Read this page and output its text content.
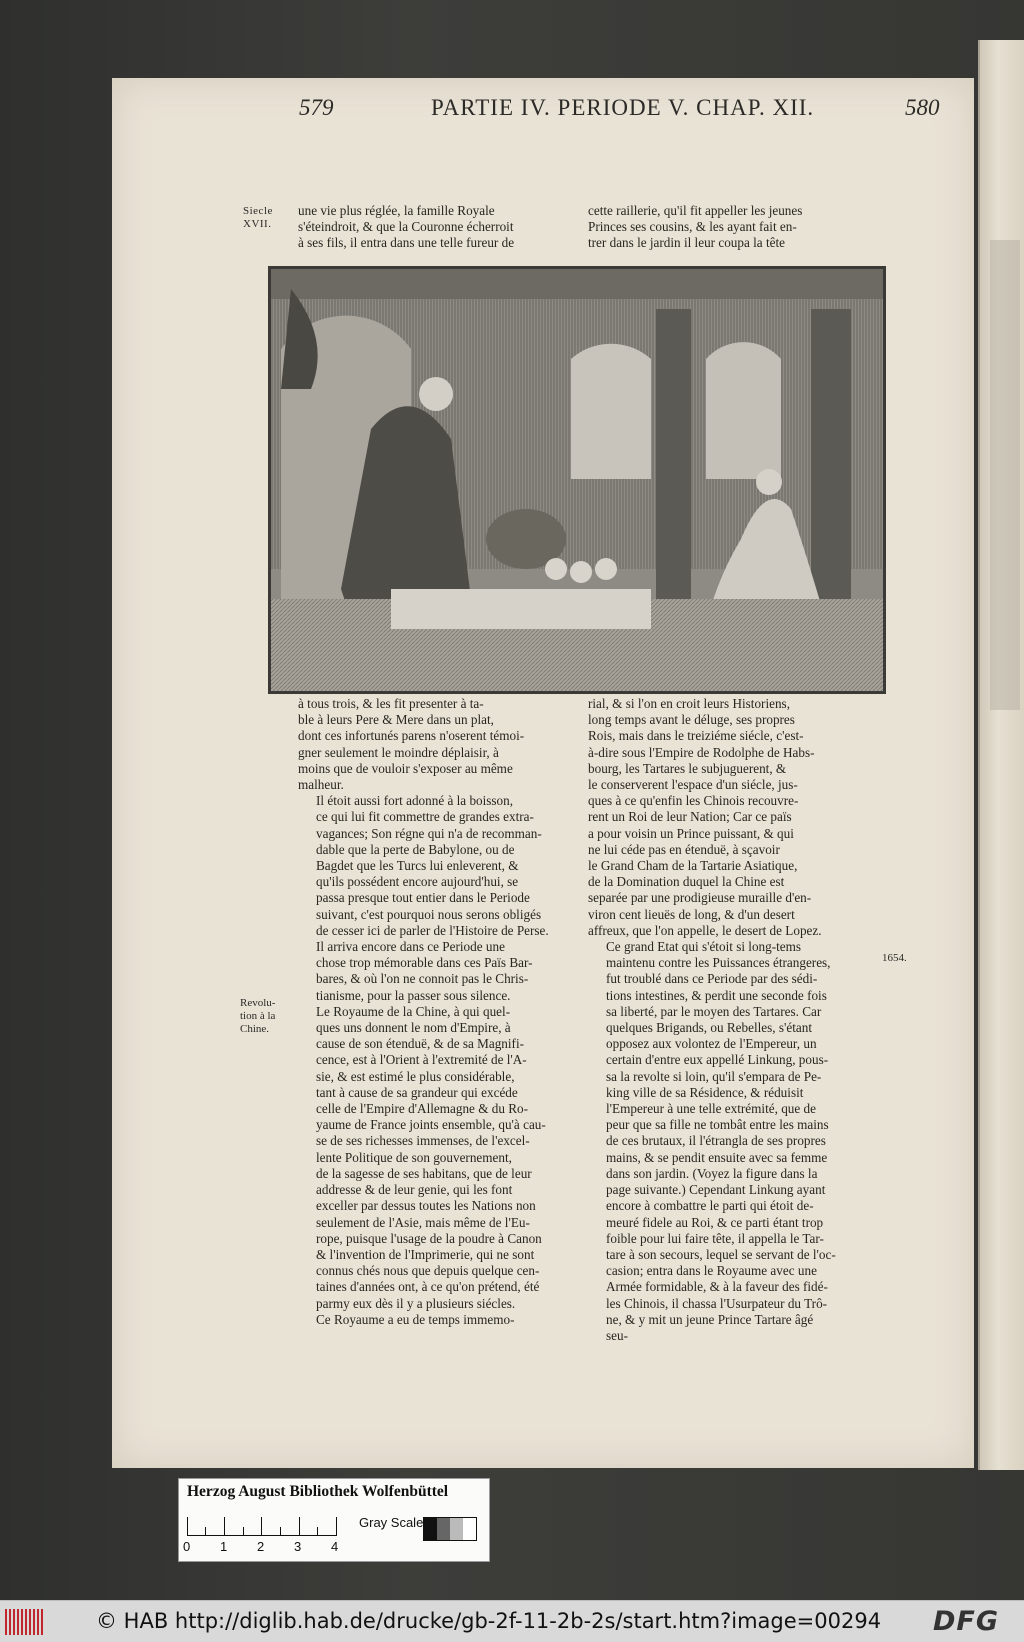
579	PARTIE IV. PERIODE V. CHAP. XII.	580
Siecle
XVII.
une vie plus réglée, la famille Royale
s'éteindroit, & que la Couronne écherroit
à ses fils, il entra dans une telle fureur de
cette raillerie, qu'il fit appeller les jeunes
Princes ses cousins, & les ayant fait en-
trer dans le jardin il leur coupa la tête

à tous trois, & les fit presenter à ta-
ble à leurs Pere & Mere dans un plat,
dont ces infortunés parens n'oserent témoi-
gner seulement le moindre déplaisir, à
moins que de vouloir s'exposer au même
malheur.

Il étoit aussi fort adonné à la boisson,
ce qui lui fit commettre de grandes extra-
vagances; Son régne qui n'a de recomman-
dable que la perte de Babylone, ou de
Bagdet que les Turcs lui enleverent, &
qu'ils possédent encore aujourd'hui, se
passa presque tout entier dans le Periode
suivant, c'est pourquoi nous serons obligés
de cesser ici de parler de l'Histoire de Perse.

Il arriva encore dans ce Periode une
chose trop mémorable dans ces Païs Bar-
bares, & où l'on ne connoit pas le Chris-
tianisme, pour la passer sous silence.

Le Royaume de la Chine, à qui quel-
ques uns donnent le nom d'Empire, à
cause de son étenduë, & de sa Magnifi-
cence, est à l'Orient à l'extremité de l'A-
sie, & est estimé le plus considérable,
tant à cause de sa grandeur qui excéde
celle de l'Empire d'Allemagne & du Ro-
yaume de France joints ensemble, qu'à cau-
se de ses richesses immenses, de l'excel-
lente Politique de son gouvernement,
de la sagesse de ses habitans, que de leur
addresse & de leur genie, qui les font
exceller par dessus toutes les Nations non
seulement de l'Asie, mais même de l'Eu-
rope, puisque l'usage de la poudre à Canon
& l'invention de l'Imprimerie, qui ne sont
connus chés nous que depuis quelque cen-
taines d'années ont, à ce qu'on prétend, été
parmy eux dès il y a plusieurs siécles.

Ce Royaume a eu de temps immemo-

rial, & si l'on en croit leurs Historiens,
long temps avant le déluge, ses propres
Rois, mais dans le treiziéme siécle, c'est-
à-dire sous l'Empire de Rodolphe de Habs-
bourg, les Tartares le subjuguerent, &
le conserverent l'espace d'un siécle, jus-
ques à ce qu'enfin les Chinois recouvre-
rent un Roi de leur Nation; Car ce païs
a pour voisin un Prince puissant, & qui
ne lui céde pas en étenduë, à sçavoir
le Grand Cham de la Tartarie Asiatique,
de la Domination duquel la Chine est
separée par une prodigieuse muraille d'en-
viron cent lieuës de long, & d'un desert
affreux, que l'on appelle, le desert de Lopez.

Ce grand Etat qui s'étoit si long-tems
maintenu contre les Puissances étrangeres,
fut troublé dans ce Periode par des sédi-
tions intestines, & perdit une seconde fois
sa liberté, par le moyen des Tartares. Car
quelques Brigands, ou Rebelles, s'étant
opposez aux volontez de l'Empereur, un
certain d'entre eux appellé Linkung, pous-
sa la revolte si loin, qu'il s'empara de Pe-
king ville de sa Résidence, & réduisit
l'Empereur à une telle extrémité, que de
peur que sa fille ne tombât entre les mains
de ces brutaux, il l'étrangla de ses propres
mains, & se pendit ensuite avec sa femme
dans son jardin. (Voyez la figure dans la
page suivante.) Cependant Linkung ayant
encore à combattre le parti qui étoit de-
meuré fidele au Roi, & ce parti étant trop
foible pour lui faire tête, il appella le Tar-
tare à son secours, lequel se servant de l'oc-
casion; entra dans le Royaume avec une
Armée formidable, & à la faveur des fidé-
les Chinois, il chassa l'Usurpateur du Trô-
ne, & y mit un jeune Prince Tartare âgé
seu-

Revolu-
tion à la
Chine.
1654.
Herzog August Bibliothek Wolfenbüttel
0 1 2 3 4
Gray Scale
© HAB http://diglib.hab.de/drucke/gb-2f-11-2b-2s/start.htm?image=00294 DFG
